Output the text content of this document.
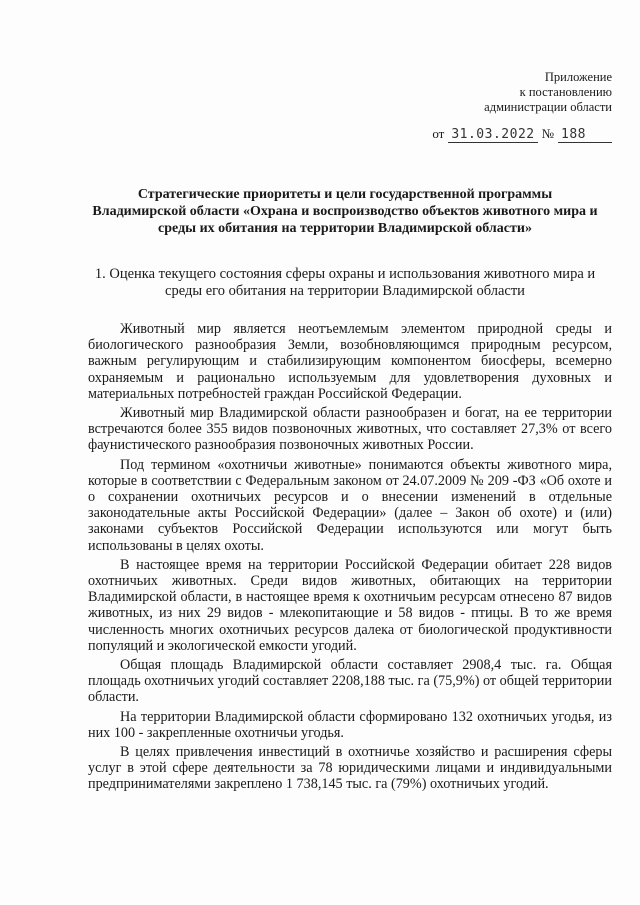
Приложение
к постановлению
администрации области
от 31.03.2022 № 188
Стратегические приоритеты и цели государственной программы Владимирской области «Охрана и воспроизводство объектов животного мира и среды их обитания на территории Владимирской области»
1. Оценка текущего состояния сферы охраны и использования животного мира и среды его обитания на территории Владимирской области

Животный мир является неотъемлемым элементом природной среды и биологического разнообразия Земли, возобновляющимся природным ресурсом, важным регулирующим и стабилизирующим компонентом биосферы, всемерно охраняемым и рационально используемым для удовлетворения духовных и материальных потребностей граждан Российской Федерации.

Животный мир Владимирской области разнообразен и богат, на ее территории встречаются более 355 видов позвоночных животных, что составляет 27,3% от всего фаунистического разнообразия позвоночных животных России.

Под термином «охотничьи животные» понимаются объекты животного мира, которые в соответствии с Федеральным законом от 24.07.2009 № 209 -ФЗ «Об охоте и о сохранении охотничьих ресурсов и о внесении изменений в отдельные законодательные акты Российской Федерации» (далее – Закон об охоте) и (или) законами субъектов Российской Федерации используются или могут быть использованы в целях охоты.

В настоящее время на территории Российской Федерации обитает 228 видов охотничьих животных. Среди видов животных, обитающих на территории Владимирской области, в настоящее время к охотничьим ресурсам отнесено 87 видов животных, из них 29 видов - млекопитающие и 58 видов - птицы. В то же время численность многих охотничьих ресурсов далека от биологической продуктивности популяций и экологической емкости угодий.

Общая площадь Владимирской области составляет 2908,4 тыс. га. Общая площадь охотничьих угодий составляет 2208,188 тыс. га (75,9%) от общей территории области.

На территории Владимирской области сформировано 132 охотничьих угодья, из них 100 - закрепленные охотничьи угодья.

В целях привлечения инвестиций в охотничье хозяйство и расширения сферы услуг в этой сфере деятельности за 78 юридическими лицами и индивидуальными предпринимателями закреплено 1 738,145 тыс. га (79%) охотничьих угодий.
